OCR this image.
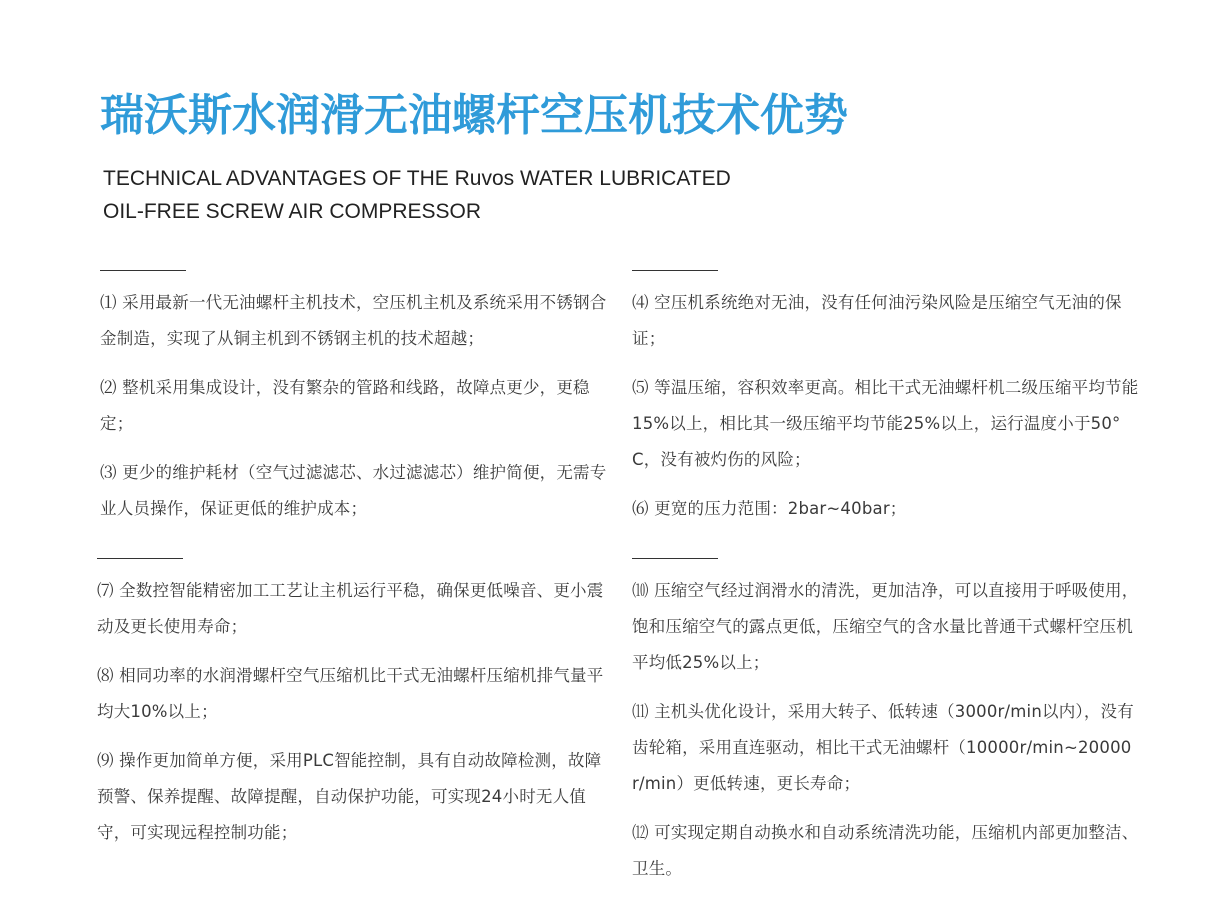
瑞沃斯水润滑无油螺杆空压机技术优势
TECHNICAL ADVANTAGES OF THE Ruvos WATER LUBRICATED
OIL-FREE SCREW AIR COMPRESSOR

⑴ 采用最新一代无油螺杆主机技术，空压机主机及系统采用不锈钢合金制造，实现了从铜主机到不锈钢主机的技术超越；

⑵ 整机采用集成设计，没有繁杂的管路和线路，故障点更少，更稳定；

⑶ 更少的维护耗材（空气过滤滤芯、水过滤滤芯）维护简便，无需专业人员操作，保证更低的维护成本；

⑷ 空压机系统绝对无油，没有任何油污染风险是压缩空气无油的保证；

⑸ 等温压缩，容积效率更高。相比干式无油螺杆机二级压缩平均节能15%以上，相比其一级压缩平均节能25%以上，运行温度小于50°C，没有被灼伤的风险；

⑹ 更宽的压力范围：2bar~40bar；

⑺ 全数控智能精密加工工艺让主机运行平稳，确保更低噪音、更小震动及更长使用寿命；

⑻ 相同功率的水润滑螺杆空气压缩机比干式无油螺杆压缩机排气量平均大10%以上；

⑼ 操作更加简单方便，采用PLC智能控制，具有自动故障检测，故障预警、保养提醒、故障提醒，自动保护功能，可实现24小时无人值守，可实现远程控制功能；

⑽ 压缩空气经过润滑水的清洗，更加洁净，可以直接用于呼吸使用，饱和压缩空气的露点更低，压缩空气的含水量比普通干式螺杆空压机平均低25%以上；

⑾ 主机头优化设计，采用大转子、低转速（3000r/min以内），没有齿轮箱，采用直连驱动，相比干式无油螺杆（10000r/min~20000r/min）更低转速，更长寿命；

⑿ 可实现定期自动换水和自动系统清洗功能，压缩机内部更加整洁、卫生。
